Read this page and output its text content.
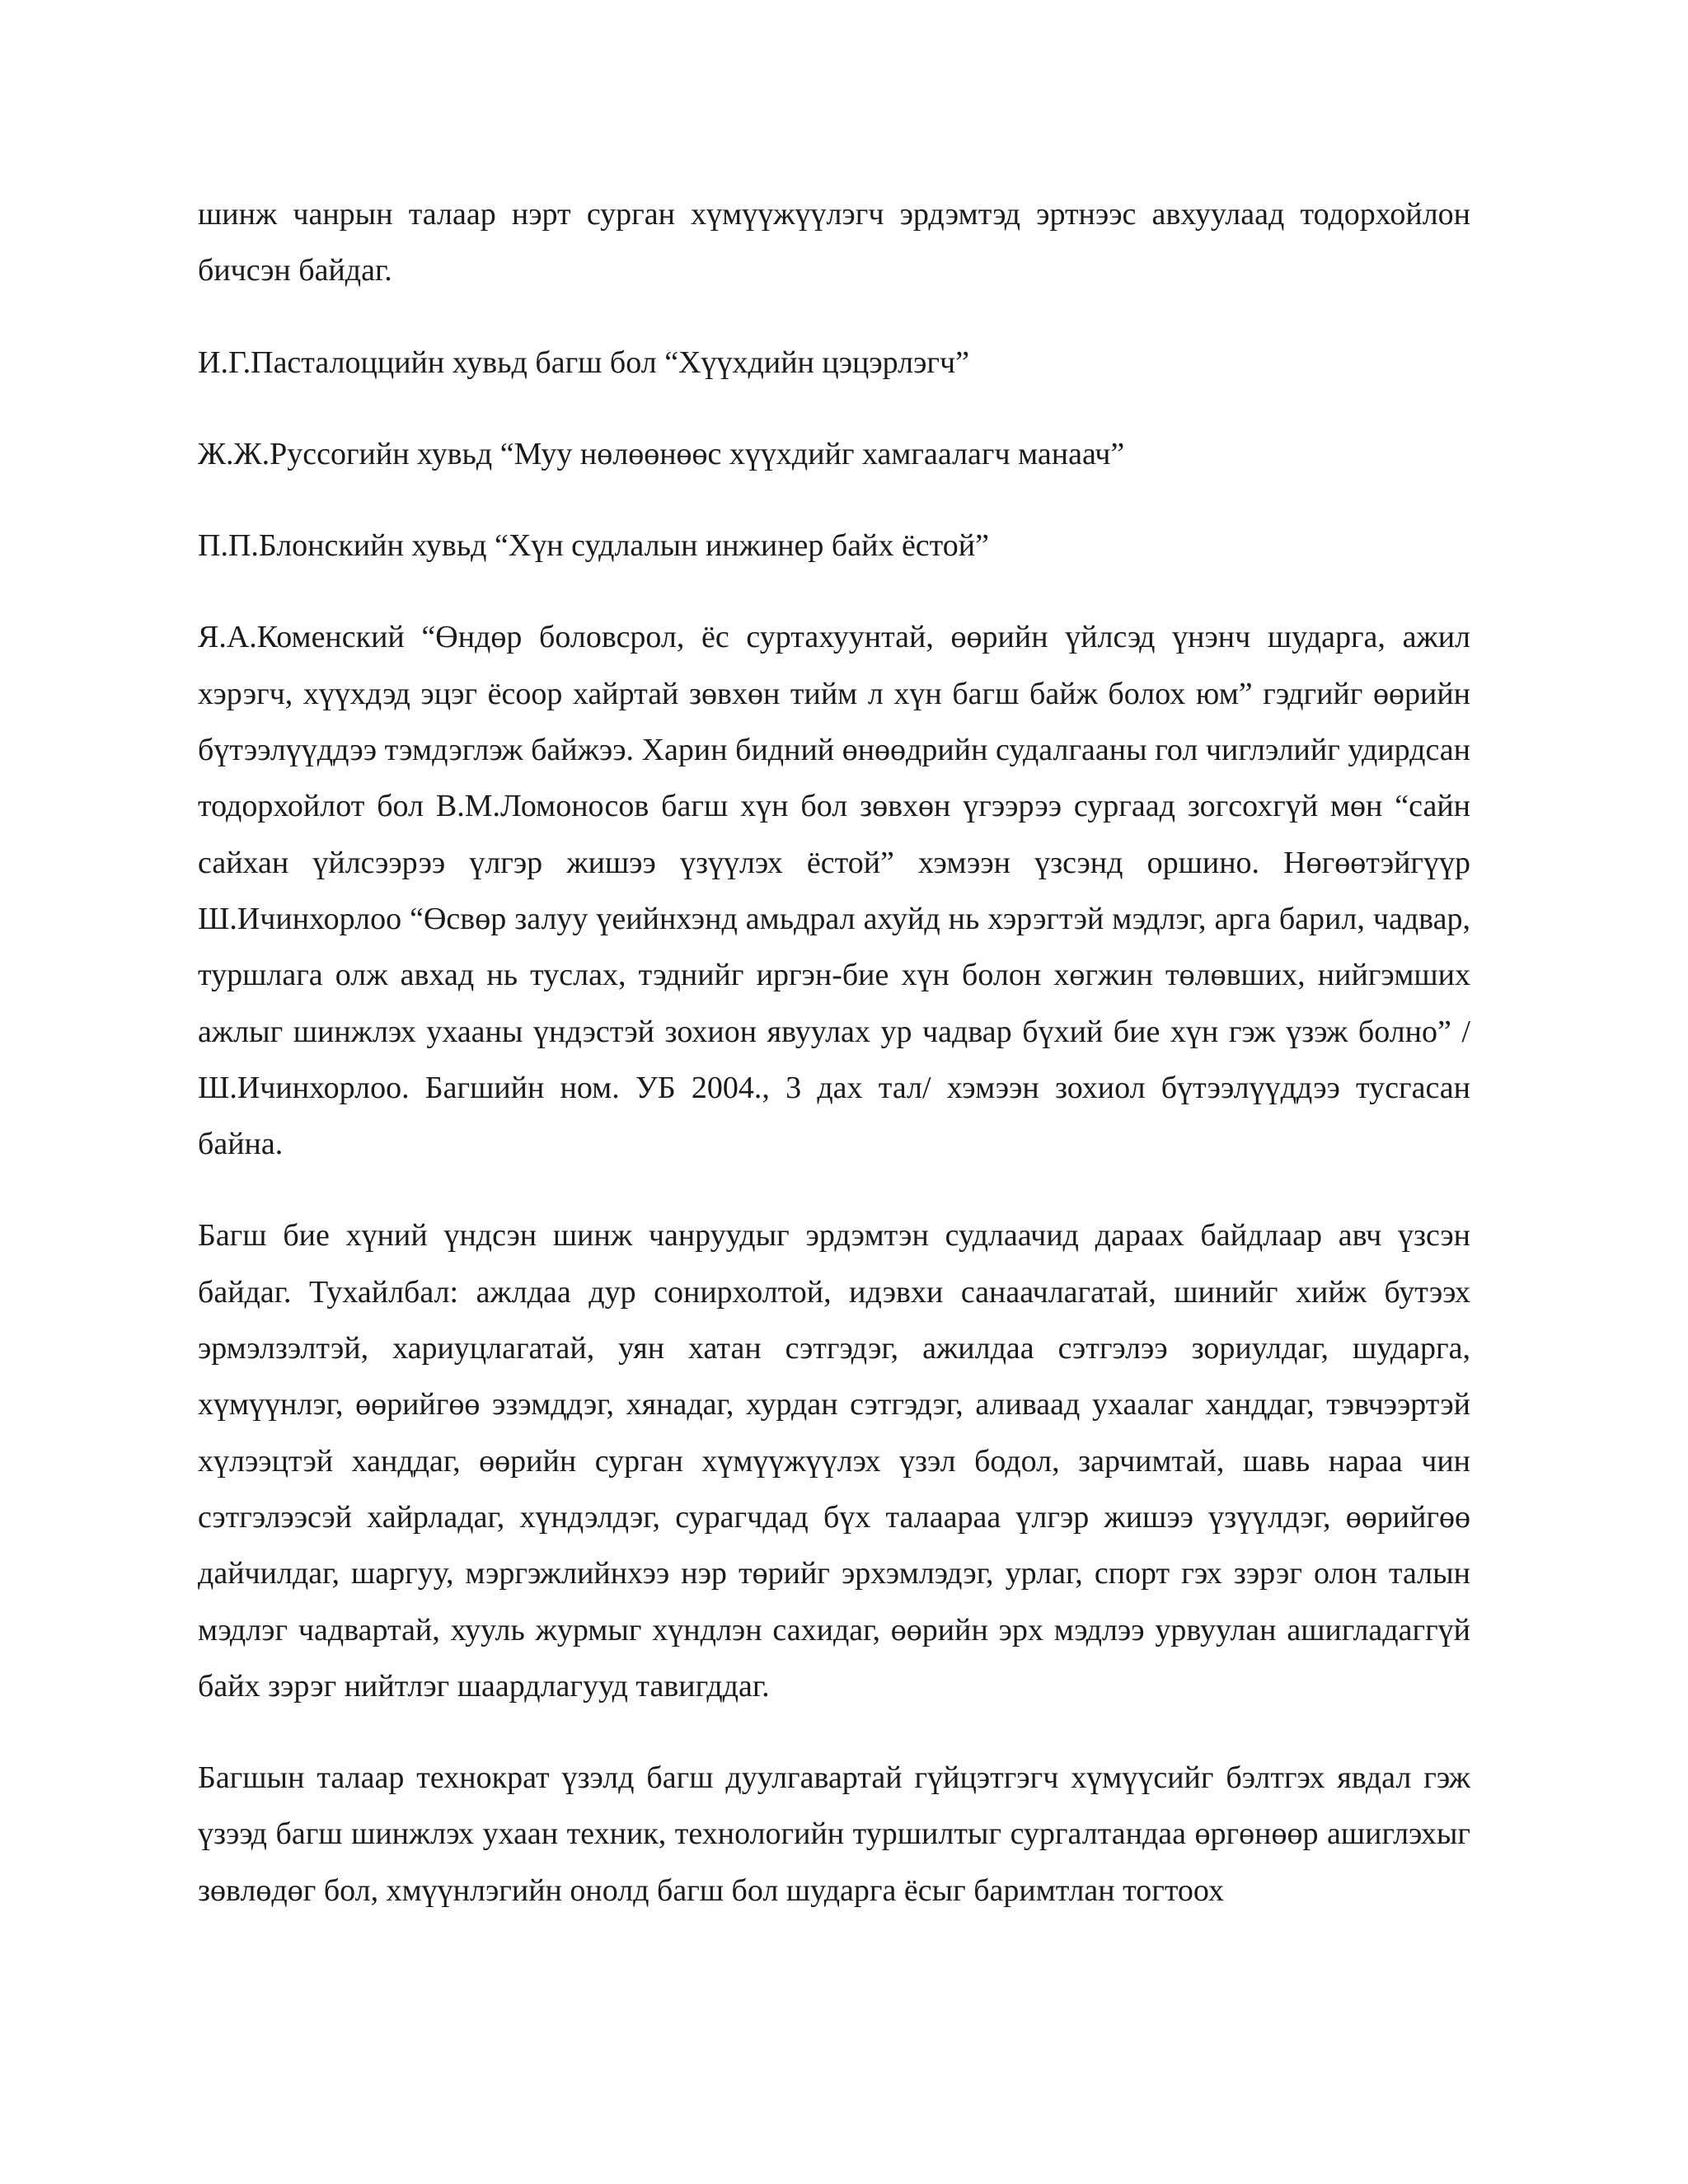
шинж чанрын талаар нэрт сурган хүмүүжүүлэгч эрдэмтэд эртнээс авхуулаад тодорхойлон бичсэн байдаг.

И.Г.Пасталоццийн хувьд багш бол “Хүүхдийн цэцэрлэгч”

Ж.Ж.Руссогийн хувьд “Муу нөлөөнөөс хүүхдийг хамгаалагч манаач”

П.П.Блонскийн хувьд “Хүн судлалын инжинер байх ёстой”

Я.А.Коменский “Өндөр боловсрол, ёс суртахуунтай, өөрийн үйлсэд үнэнч шударга, ажил хэрэгч, хүүхдэд эцэг ёсоор хайртай зөвхөн тийм л хүн багш байж болох юм” гэдгийг өөрийн бүтээлүүддээ тэмдэглэж байжээ. Харин бидний өнөөдрийн судалгааны гол чиглэлийг удирдсан тодорхойлот бол В.М.Ломоносов багш хүн бол зөвхөн үгээрээ сургаад зогсохгүй мөн “сайн сайхан үйлсээрээ үлгэр жишээ үзүүлэх ёстой” хэмээн үзсэнд оршино. Нөгөөтэйгүүр Ш.Ичинхорлоо “Өсвөр залуу үеийнхэнд амьдрал ахуйд нь хэрэгтэй мэдлэг, арга барил, чадвар, туршлага олж авхад нь туслах, тэднийг иргэн-бие хүн болон хөгжин төлөвших, нийгэмших ажлыг шинжлэх ухааны үндэстэй зохион явуулах ур чадвар бүхий бие хүн гэж үзэж болно” /Ш.Ичинхорлоо. Багшийн ном. УБ 2004., 3 дах тал/ хэмээн зохиол бүтээлүүддээ тусгасан байна.

Багш бие хүний үндсэн шинж чанруудыг эрдэмтэн судлаачид дараах байдлаар авч үзсэн байдаг. Тухайлбал: ажлдаа дур сонирхолтой, идэвхи санаачлагатай, шинийг хийж бутээх эрмэлзэлтэй, хариуцлагатай, уян хатан сэтгэдэг, ажилдаа сэтгэлээ зориулдаг, шударга, хүмүүнлэг, өөрийгөө эзэмддэг, хянадаг, хурдан сэтгэдэг, аливаад ухаалаг ханддаг, тэвчээртэй хүлээцтэй ханддаг, өөрийн сурган хүмүүжүүлэх үзэл бодол, зарчимтай, шавь нараа чин сэтгэлээсэй хайрладаг, хүндэлдэг, сурагчдад бүх талаараа үлгэр жишээ үзүүлдэг, өөрийгөө дайчилдаг, шаргуу, мэргэжлийнхээ нэр төрийг эрхэмлэдэг, урлаг, спорт гэх зэрэг олон талын мэдлэг чадвартай, хууль журмыг хүндлэн сахидаг, өөрийн эрх мэдлээ урвуулан ашигладаггүй байх зэрэг нийтлэг шаардлагууд тавигддаг.

Багшын талаар технократ үзэлд багш дуулгавартай гүйцэтгэгч хүмүүсийг бэлтгэх явдал гэж үзээд багш шинжлэх ухаан техник, технологийн туршилтыг сургалтандаа өргөнөөр ашиглэхыг зөвлөдөг бол, хмүүнлэгийн онолд багш бол шударга ёсыг баримтлан тогтоох
